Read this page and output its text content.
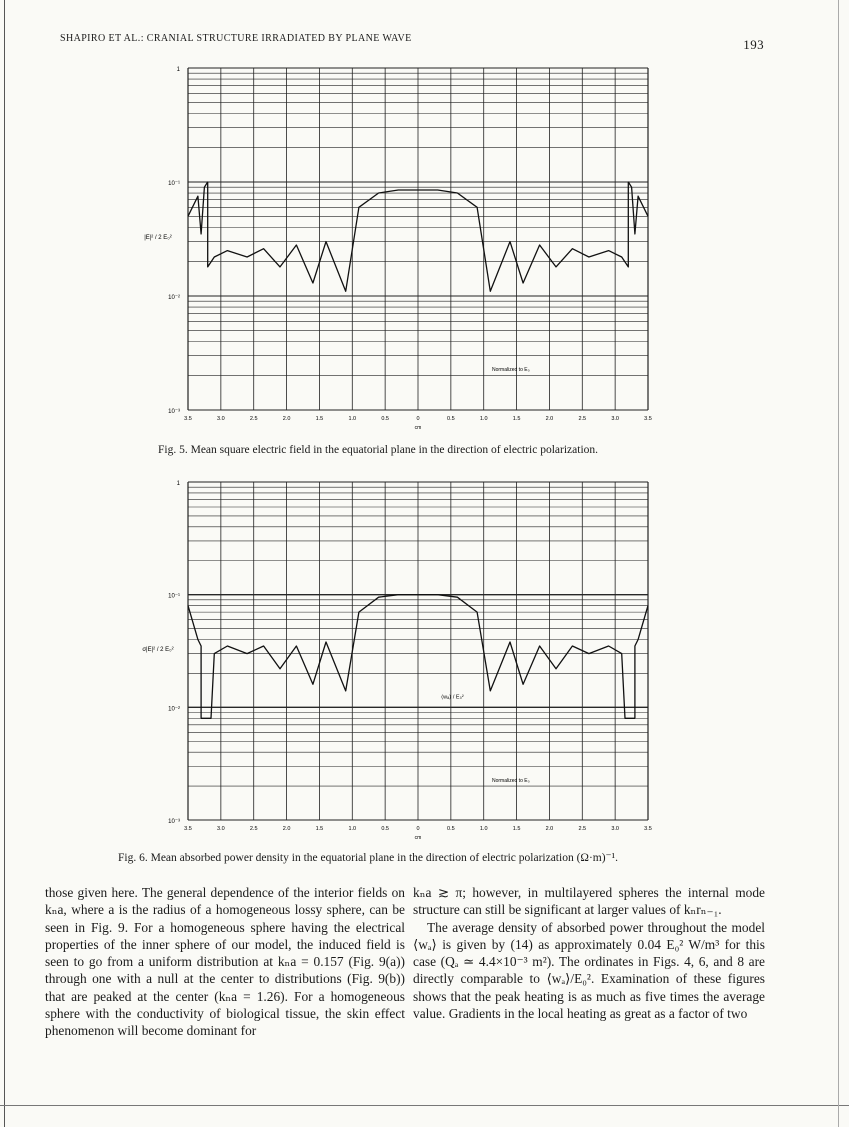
SHAPIRO ET AL.: CRANIAL STRUCTURE IRRADIATED BY PLANE WAVE	193
1
10⁻¹
10⁻²
10⁻³
3.5	3.0	2.5	2.0	1.5	1.0	0.5	0	0.5	1.0	1.5	2.0	2.5	3.0	3.5
cm
|E|² / 2 E₀²
Normalized to E₀
Fig. 5. Mean square electric field in the equatorial plane in the direction of electric polarization.
1
10⁻¹
10⁻²
10⁻³
3.5	3.0	2.5	2.0	1.5	1.0	0.5	0	0.5	1.0	1.5	2.0	2.5	3.0	3.5
cm
σ|E|² / 2 E₀²
Normalized to E₀
⟨wₐ⟩ / E₀²
Fig. 6. Mean absorbed power density in the equatorial plane in the direction of electric polarization (Ω·m)⁻¹.

those given here. The general dependence of the interior fields on kₙa, where a is the radius of a homogeneous lossy sphere, can be seen in Fig. 9. For a homogeneous sphere having the electrical properties of the inner sphere of our model, the induced field is seen to go from a uniform distribution at kₙa = 0.157 (Fig. 9(a)) through one with a null at the center to distributions (Fig. 9(b)) that are peaked at the center (kₙa = 1.26). For a homogeneous sphere with the conductivity of biological tissue, the skin effect phenomenon will become dominant for

kₙa ≳ π; however, in multilayered spheres the internal mode structure can still be significant at larger values of kₙrₙ₋₁.

The average density of absorbed power throughout the model ⟨wₐ⟩ is given by (14) as approximately 0.04 E₀² W/m³ for this case (Qₐ ≃ 4.4×10⁻³ m²). The ordinates in Figs. 4, 6, and 8 are directly comparable to ⟨wₐ⟩/E₀². Examination of these figures shows that the peak heating is as much as five times the average value. Gradients in the local heating as great as a factor of two
